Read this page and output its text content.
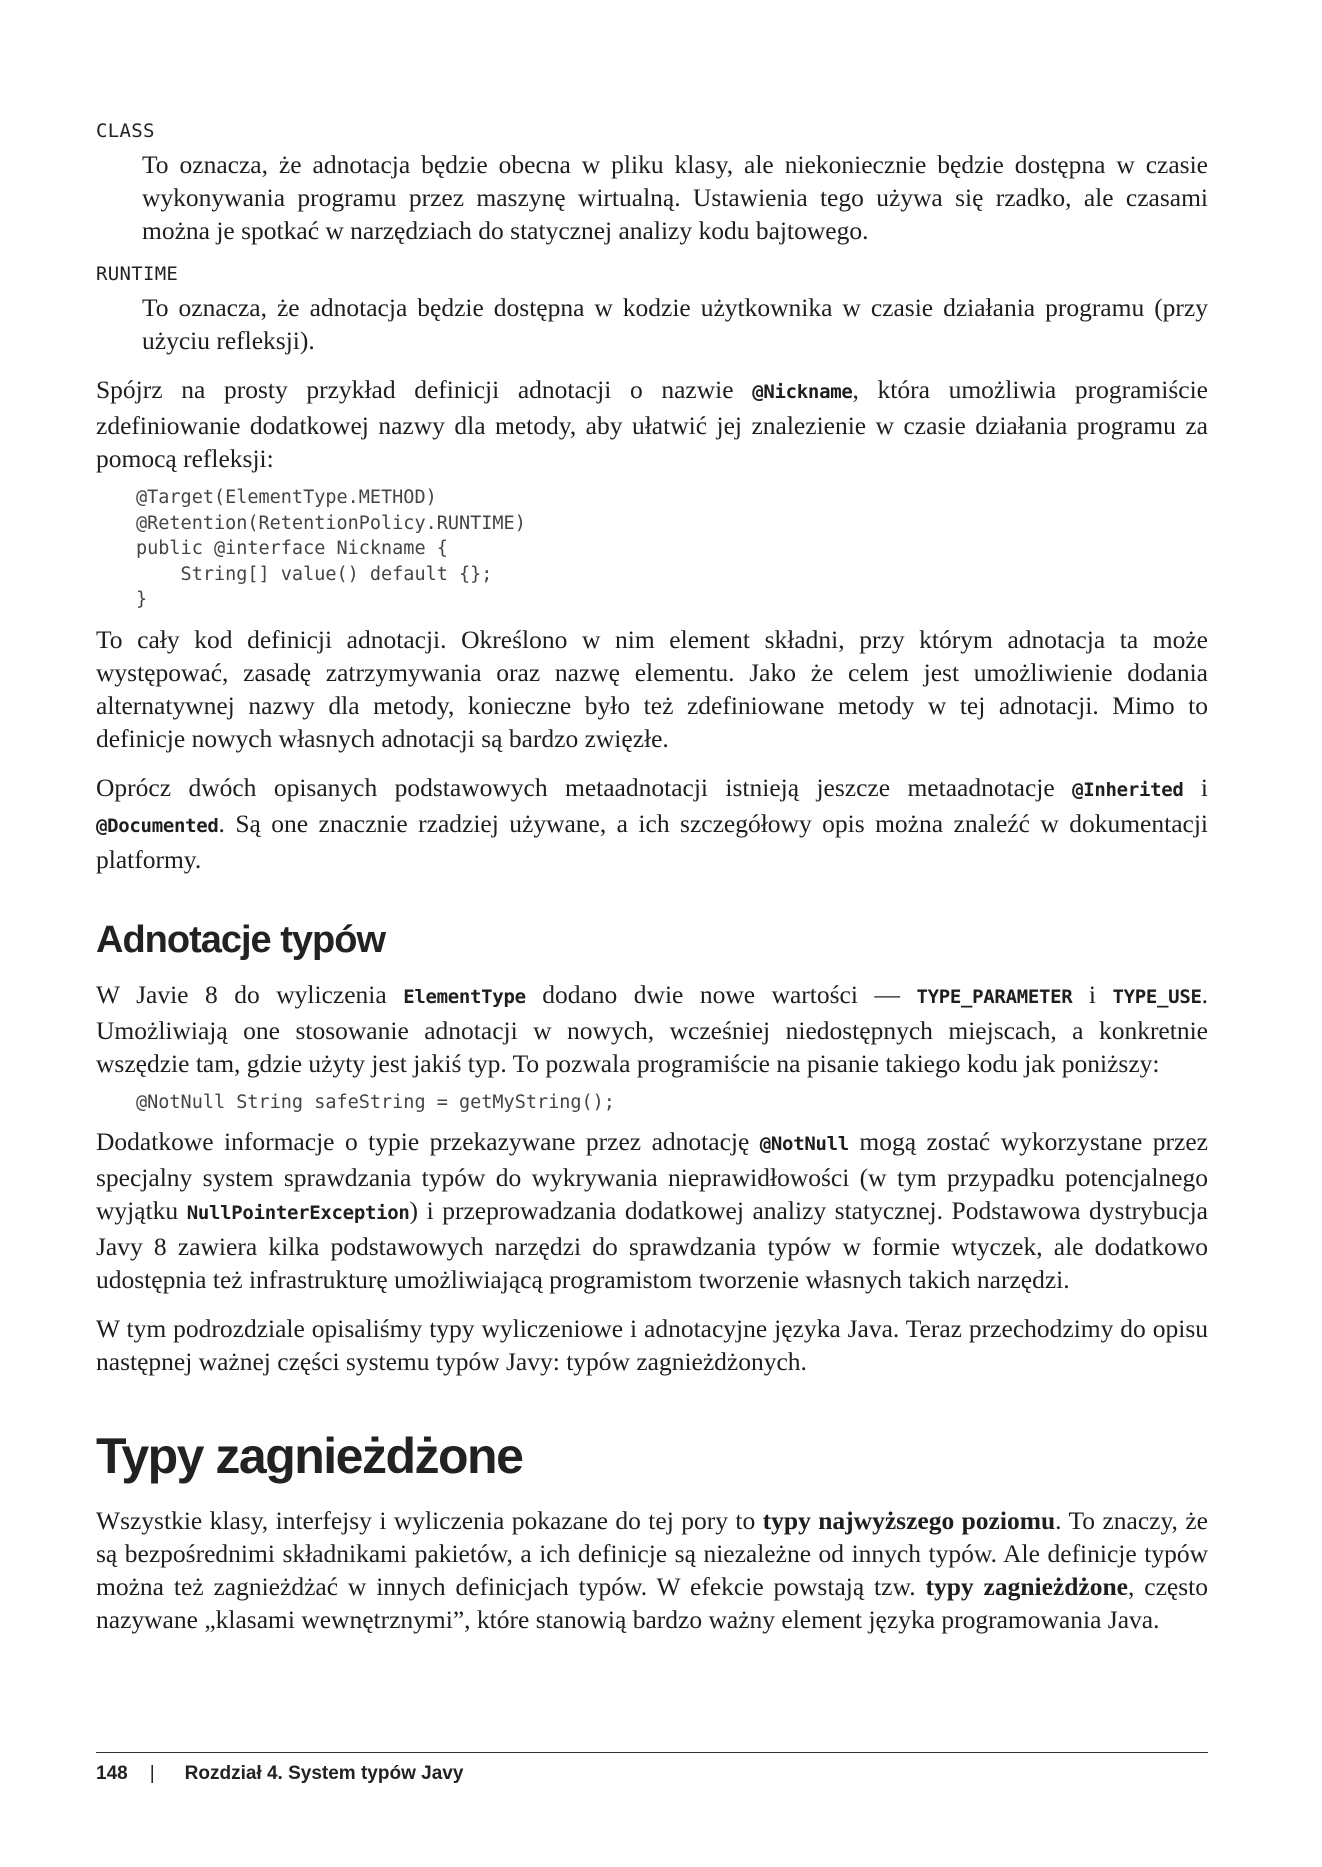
CLASS

To oznacza, że adnotacja będzie obecna w pliku klasy, ale niekoniecznie będzie dostępna w czasie wykonywania programu przez maszynę wirtualną. Ustawienia tego używa się rzadko, ale czasami można je spotkać w narzędziach do statycznej analizy kodu bajtowego.

RUNTIME

To oznacza, że adnotacja będzie dostępna w kodzie użytkownika w czasie działania programu (przy użyciu refleksji).

Spójrz na prosty przykład definicji adnotacji o nazwie @Nickname, która umożliwia programiście zdefiniowanie dodatkowej nazwy dla metody, aby ułatwić jej znalezienie w czasie działania programu za pomocą refleksji:

@Target(ElementType.METHOD)
@Retention(RetentionPolicy.RUNTIME)
public @interface Nickname {
String[] value() default {};
}

To cały kod definicji adnotacji. Określono w nim element składni, przy którym adnotacja ta może występować, zasadę zatrzymywania oraz nazwę elementu. Jako że celem jest umożliwienie dodania alternatywnej nazwy dla metody, konieczne było też zdefiniowane metody w tej adnotacji. Mimo to definicje nowych własnych adnotacji są bardzo zwięzłe.

Oprócz dwóch opisanych podstawowych metaadnotacji istnieją jeszcze metaadnotacje @Inherited i @Documented. Są one znacznie rzadziej używane, a ich szczegółowy opis można znaleźć w dokumentacji platformy.

Adnotacje typów

W Javie 8 do wyliczenia ElementType dodano dwie nowe wartości — TYPE_PARAMETER i TYPE_USE. Umożliwiają one stosowanie adnotacji w nowych, wcześniej niedostępnych miejscach, a konkretnie wszędzie tam, gdzie użyty jest jakiś typ. To pozwala programiście na pisanie takiego kodu jak poniższy:

@NotNull String safeString = getMyString();

Dodatkowe informacje o typie przekazywane przez adnotację @NotNull mogą zostać wykorzystane przez specjalny system sprawdzania typów do wykrywania nieprawidłowości (w tym przypadku potencjalnego wyjątku NullPointerException) i przeprowadzania dodatkowej analizy statycznej. Podstawowa dystrybucja Javy 8 zawiera kilka podstawowych narzędzi do sprawdzania typów w formie wtyczek, ale dodatkowo udostępnia też infrastrukturę umożliwiającą programistom tworzenie własnych takich narzędzi.

W tym podrozdziale opisaliśmy typy wyliczeniowe i adnotacyjne języka Java. Teraz przechodzimy do opisu następnej ważnej części systemu typów Javy: typów zagnieżdżonych.

Typy zagnieżdżone

Wszystkie klasy, interfejsy i wyliczenia pokazane do tej pory to typy najwyższego poziomu. To znaczy, że są bezpośrednimi składnikami pakietów, a ich definicje są niezależne od innych typów. Ale definicje typów można też zagnieżdżać w innych definicjach typów. W efekcie powstają tzw. typy zagnieżdżone, często nazywane „klasami wewnętrznymi”, które stanowią bardzo ważny element języka programowania Java.

148 | Rozdział 4. System typów Javy
